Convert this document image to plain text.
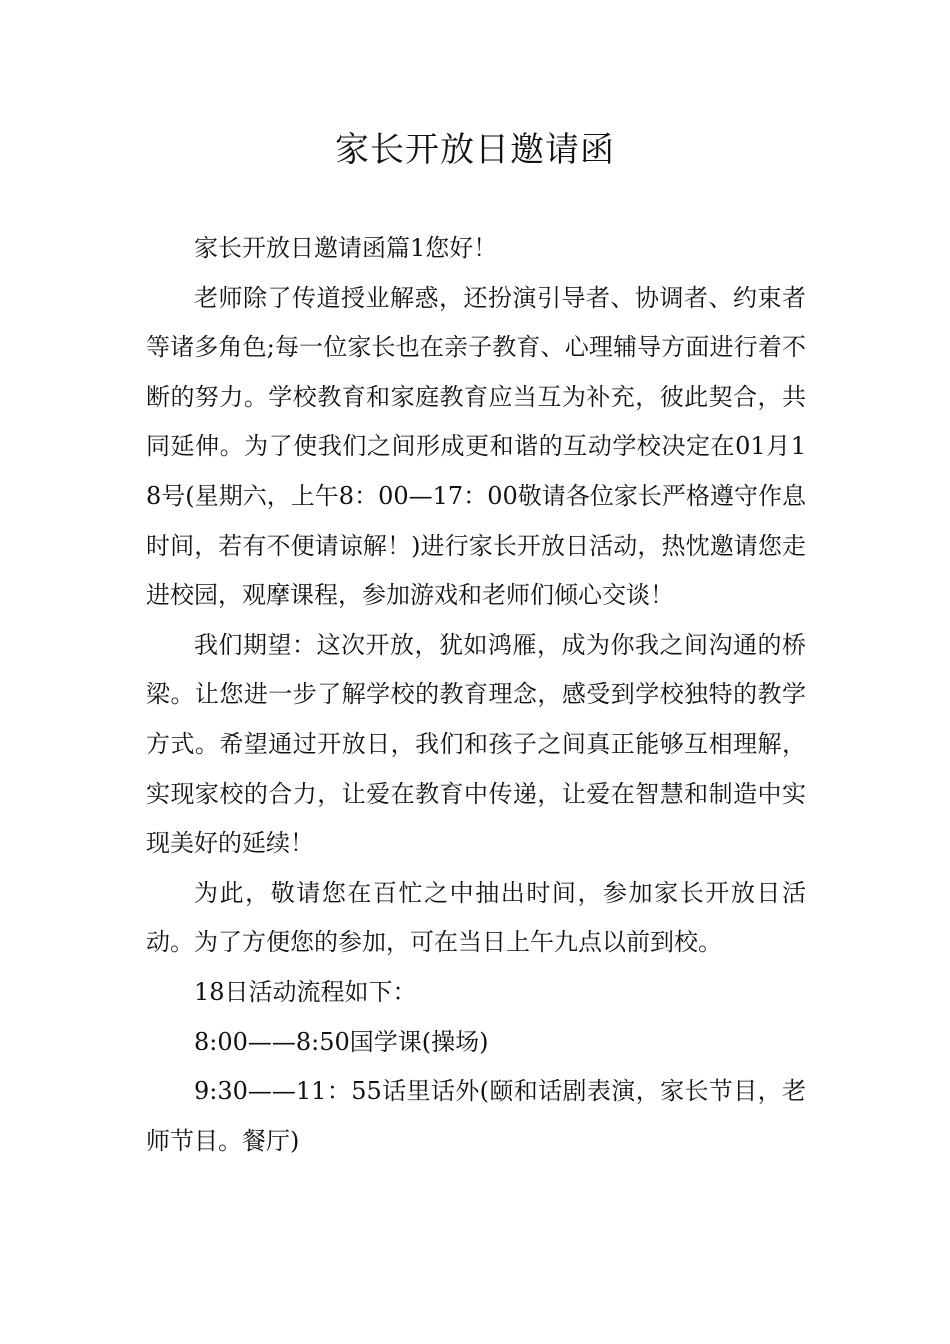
家长开放日邀请函

家长开放日邀请函篇1您好！

老师除了传道授业解惑，还扮演引导者、协调者、约束者等诸多角色;每一位家长也在亲子教育、心理辅导方面进行着不断的努力。学校教育和家庭教育应当互为补充，彼此契合，共同延伸。为了使我们之间形成更和谐的互动学校决定在01月18号(星期六，上午8：00—17：00敬请各位家长严格遵守作息时间，若有不便请谅解！)进行家长开放日活动，热忱邀请您走进校园，观摩课程，参加游戏和老师们倾心交谈！

我们期望：这次开放，犹如鸿雁，成为你我之间沟通的桥梁。让您进一步了解学校的教育理念，感受到学校独特的教学方式。希望通过开放日，我们和孩子之间真正能够互相理解，实现家校的合力，让爱在教育中传递，让爱在智慧和制造中实现美好的延续！

为此，敬请您在百忙之中抽出时间，参加家长开放日活动。为了方便您的参加，可在当日上午九点以前到校。

18日活动流程如下：

8:00——8:50国学课(操场)

9:30——11：55话里话外(颐和话剧表演，家长节目，老师节目。餐厅)
